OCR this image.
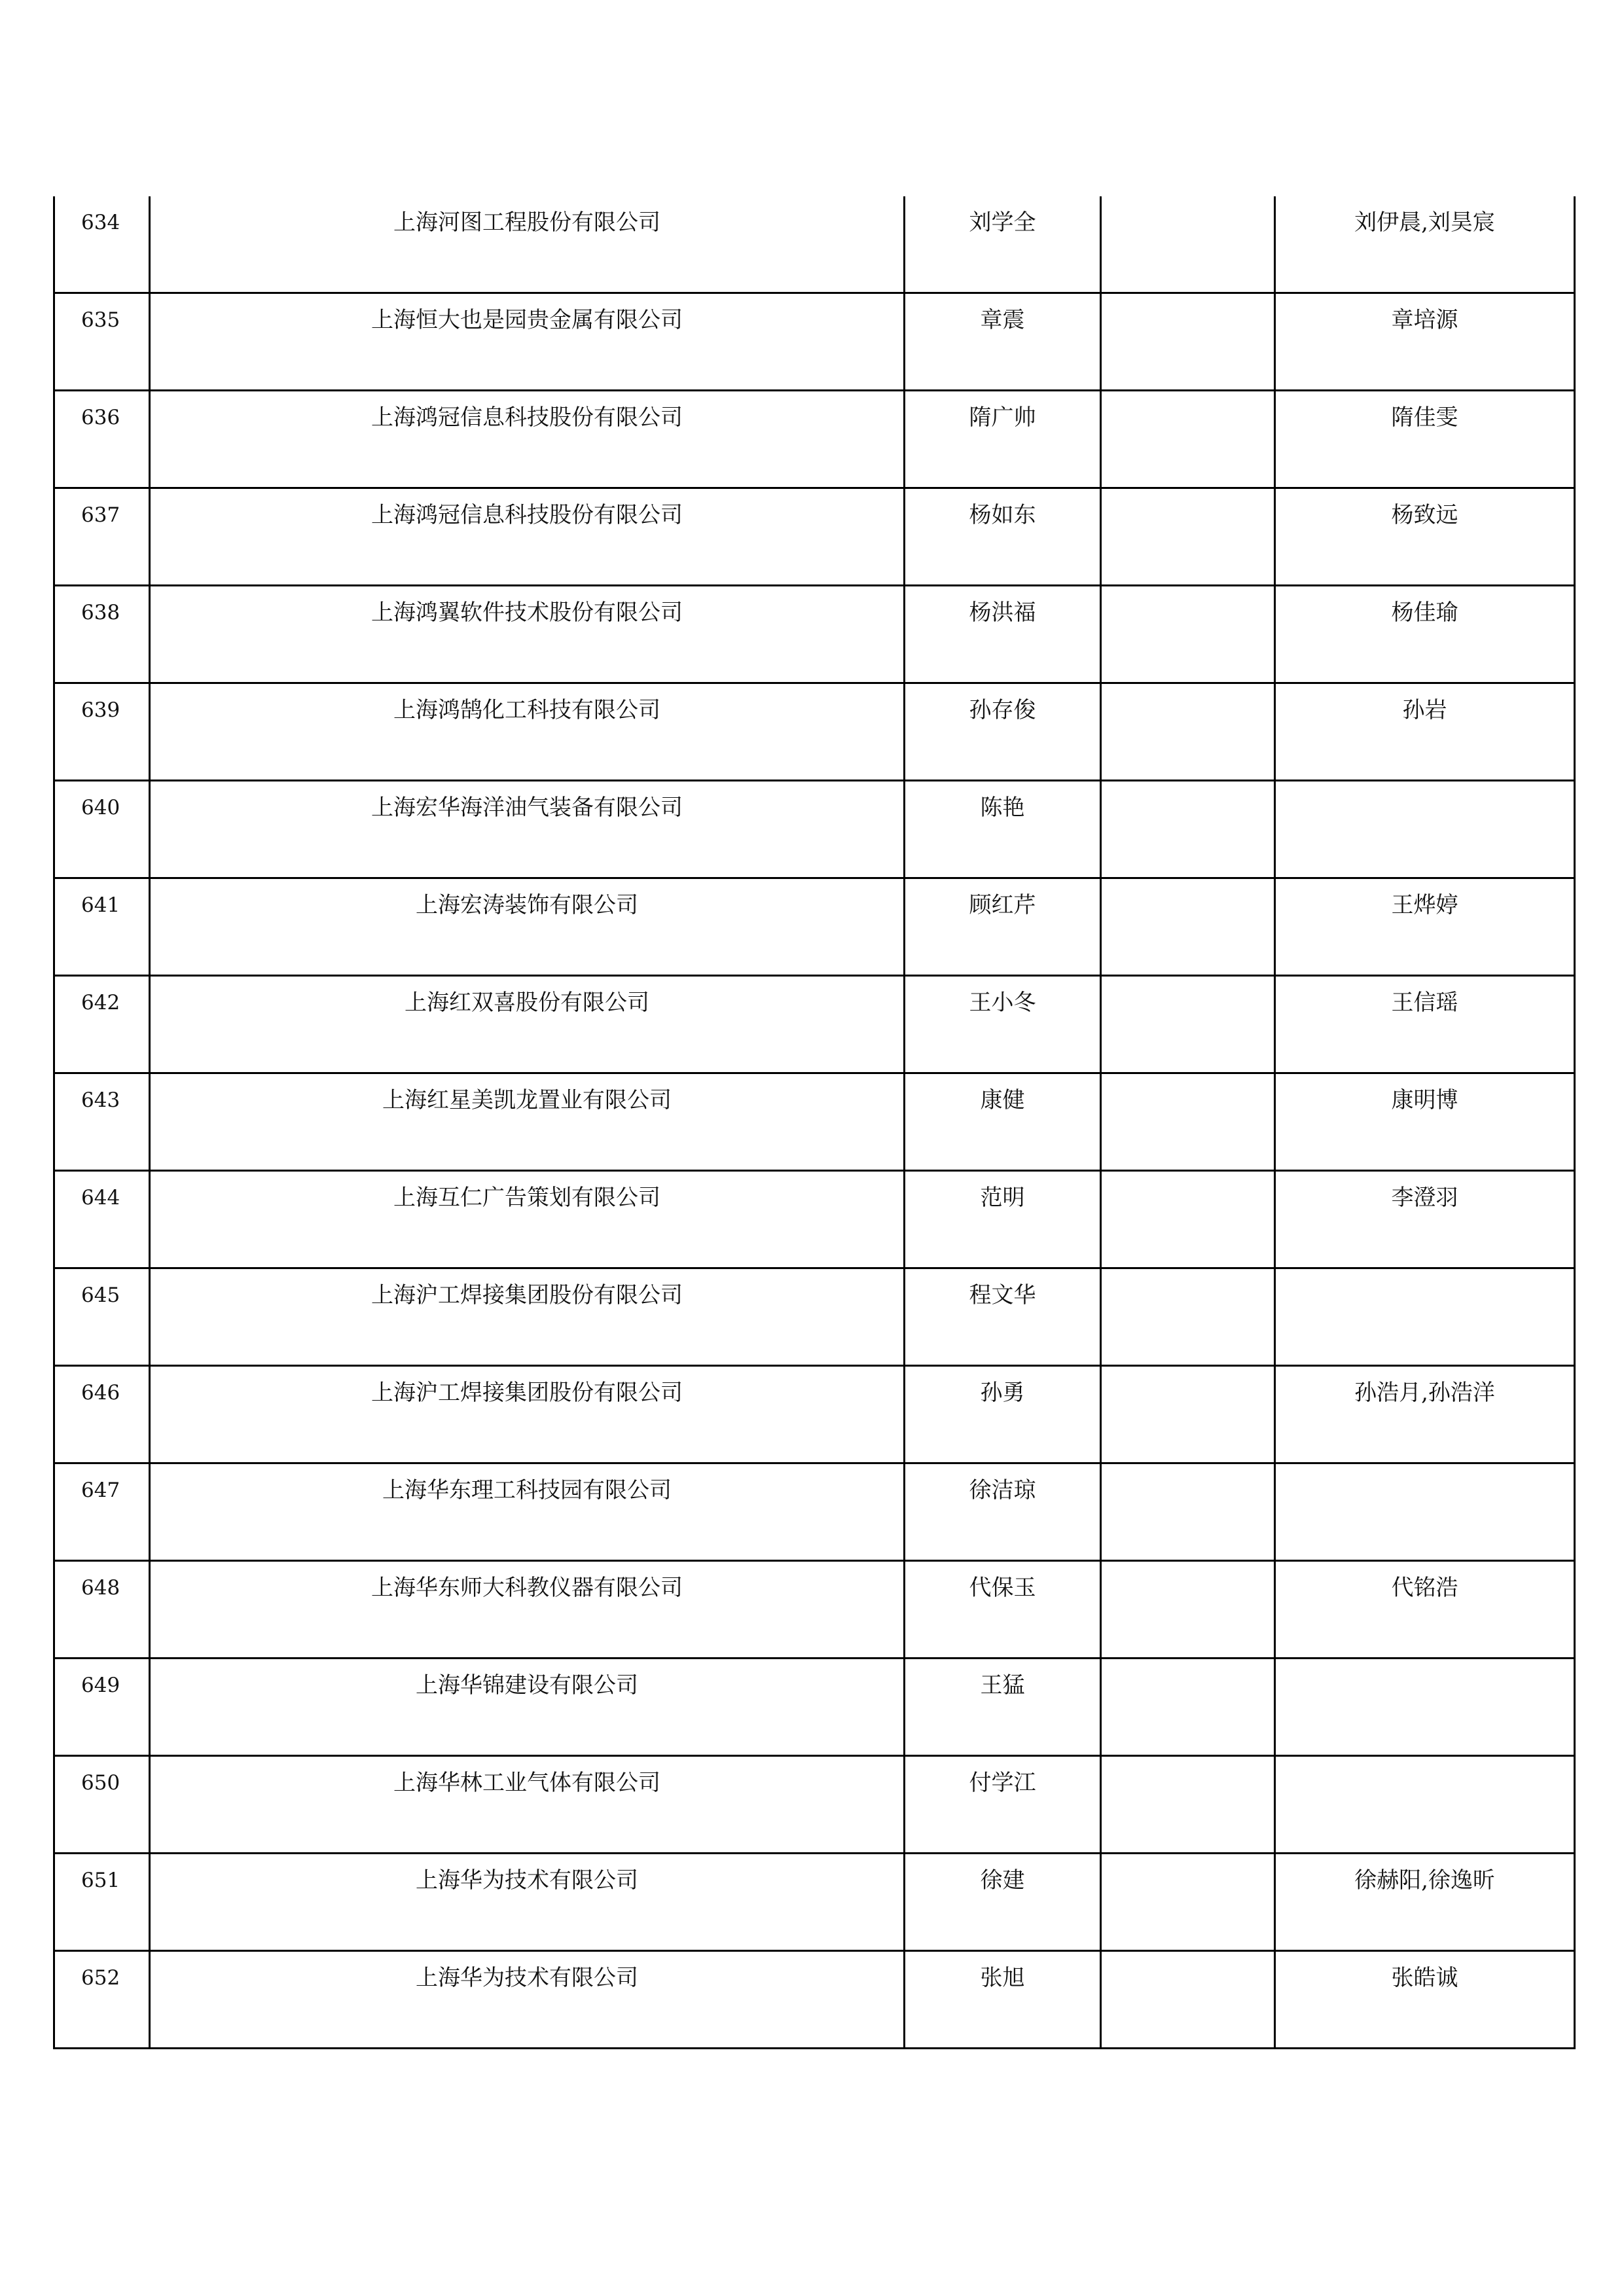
634	上海河图工程股份有限公司	刘学全		刘伊晨,刘昊宸

635	上海恒大也是园贵金属有限公司	章震		章培源

636	上海鸿冠信息科技股份有限公司	隋广帅		隋佳雯

637	上海鸿冠信息科技股份有限公司	杨如东		杨致远

638	上海鸿翼软件技术股份有限公司	杨洪福		杨佳瑜

639	上海鸿鹄化工科技有限公司	孙存俊		孙岩

640	上海宏华海洋油气装备有限公司	陈艳		

641	上海宏涛装饰有限公司	顾红芹		王烨婷

642	上海红双喜股份有限公司	王小冬		王信瑶

643	上海红星美凯龙置业有限公司	康健		康明博

644	上海互仁广告策划有限公司	范明		李澄羽

645	上海沪工焊接集团股份有限公司	程文华		

646	上海沪工焊接集团股份有限公司	孙勇		孙浩月,孙浩洋

647	上海华东理工科技园有限公司	徐洁琼		

648	上海华东师大科教仪器有限公司	代保玉		代铭浩

649	上海华锦建设有限公司	王猛		

650	上海华林工业气体有限公司	付学江		

651	上海华为技术有限公司	徐建		徐赫阳,徐逸昕

652	上海华为技术有限公司	张旭		张皓诚
